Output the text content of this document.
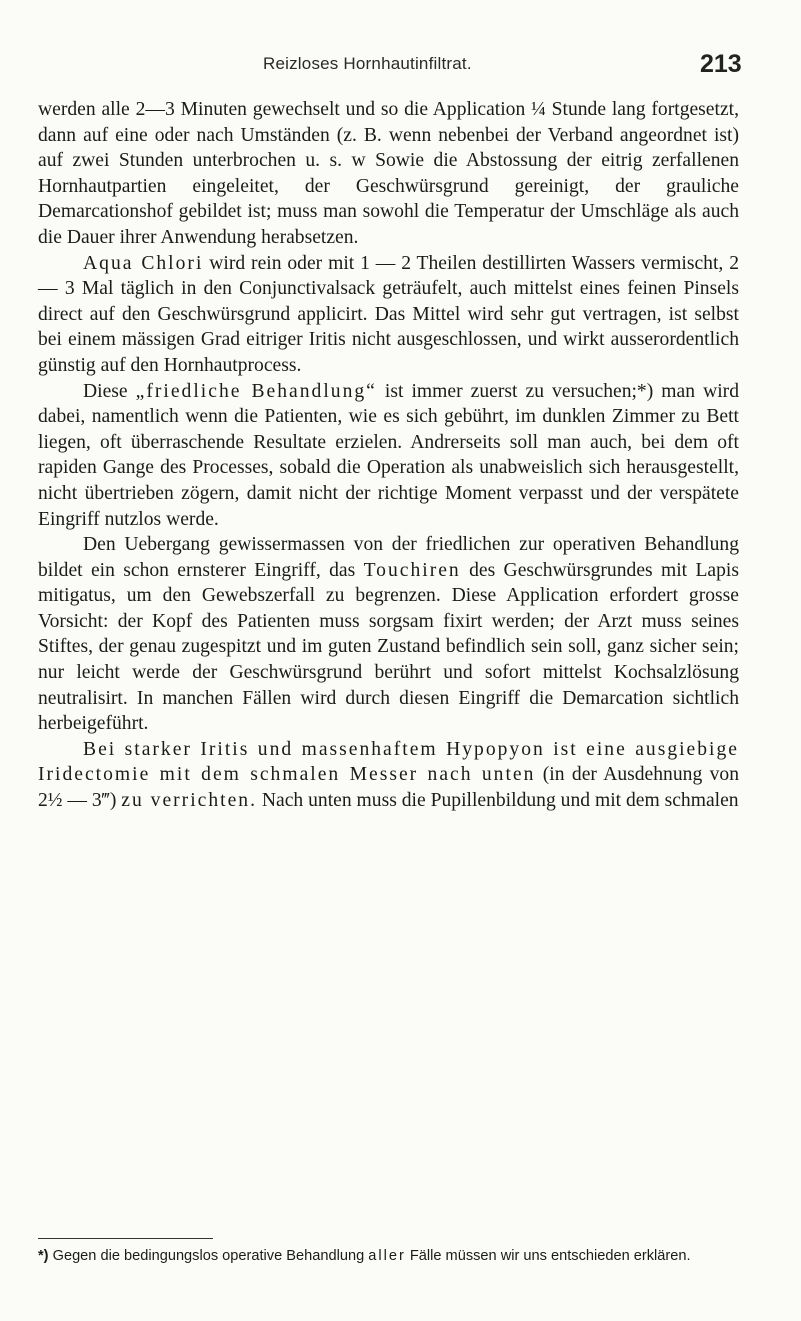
Reizloses Hornhautinfiltrat.	213

werden alle 2—3 Minuten gewechselt und so die Application ¼ Stunde lang fortgesetzt, dann auf eine oder nach Umständen (z. B. wenn nebenbei der Verband angeordnet ist) auf zwei Stunden unterbrochen u. s. w Sowie die Abstossung der eitrig zerfallenen Hornhautpartien eingeleitet, der Geschwürsgrund gereinigt, der grauliche Demarcationshof gebildet ist; muss man sowohl die Temperatur der Umschläge als auch die Dauer ihrer Anwendung herabsetzen.

Aqua Chlori wird rein oder mit 1 — 2 Theilen destillirten Wassers vermischt, 2 — 3 Mal täglich in den Conjunctivalsack geträufelt, auch mittelst eines feinen Pinsels direct auf den Geschwürsgrund applicirt. Das Mittel wird sehr gut vertragen, ist selbst bei einem mässigen Grad eitriger Iritis nicht ausgeschlossen, und wirkt ausserordentlich günstig auf den Hornhautprocess.

Diese „friedliche Behandlung“ ist immer zuerst zu versuchen;*) man wird dabei, namentlich wenn die Patienten, wie es sich gebührt, im dunklen Zimmer zu Bett liegen, oft überraschende Resultate erzielen. Andrerseits soll man auch, bei dem oft rapiden Gange des Processes, sobald die Operation als unabweislich sich herausgestellt, nicht übertrieben zögern, damit nicht der richtige Moment verpasst und der verspätete Eingriff nutzlos werde.

Den Uebergang gewissermassen von der friedlichen zur operativen Behandlung bildet ein schon ernsterer Eingriff, das Touchiren des Geschwürsgrundes mit Lapis mitigatus, um den Gewebszerfall zu begrenzen. Diese Application erfordert grosse Vorsicht: der Kopf des Patienten muss sorgsam fixirt werden; der Arzt muss seines Stiftes, der genau zugespitzt und im guten Zustand befindlich sein soll, ganz sicher sein; nur leicht werde der Geschwürsgrund berührt und sofort mittelst Kochsalzlösung neutralisirt. In manchen Fällen wird durch diesen Eingriff die Demarcation sichtlich herbeigeführt.

Bei starker Iritis und massenhaftem Hypopyon ist eine ausgiebige Iridectomie mit dem schmalen Messer nach unten (in der Ausdehnung von 2½ — 3‴) zu verrichten. Nach unten muss die Pupillenbildung und mit dem schmalen

*) Gegen die bedingungslos operative Behandlung aller Fälle müssen wir uns entschieden erklären.
